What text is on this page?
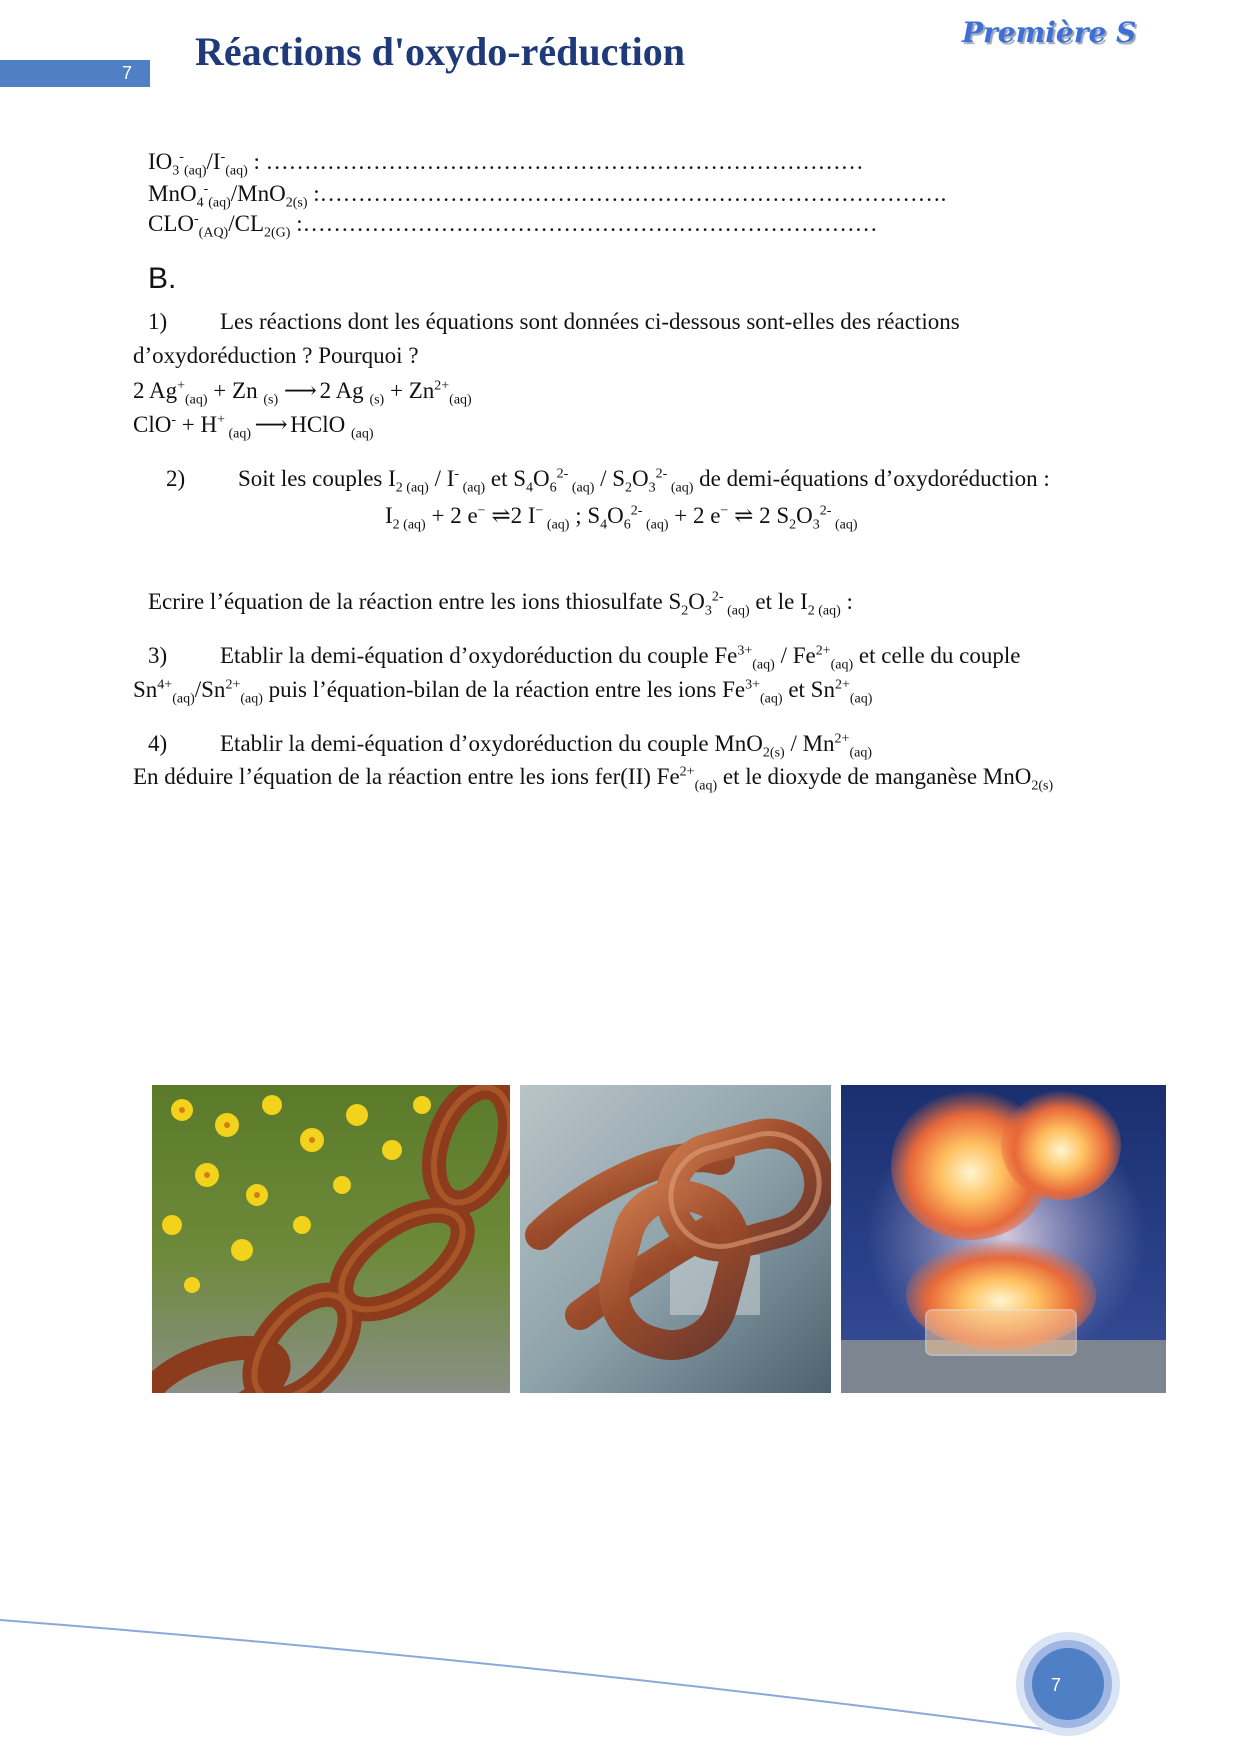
7 Réactions d'oxydo-réduction	Première S
$IO_3^-_{(aq)}/I^-_{(aq)}$ : ……………………………………………………………………
MnO$_4$-$_{(aq)}$/MnO$_{2(s)}$ :……………………………………………………………………….
$CLO^-_{(AQ)}/CL_{2(G)}$ :…………………………………………………………………
B.
1) Les réactions dont les équations sont données ci-dessous sont-elles des réactions
d’oxydoréduction ? Pourquoi ?
2 $Ag^+_{(aq)} + Zn$ $_{(s)}$ ⟶ 2 Ag $_{(s)} + Zn^{2+}_{(aq)}$
ClO- + H+ $_{(aq)}$ ⟶ HClO $_{(aq)}$
2) Soit les couples $I_2$ $_{(aq)}$ / I- $_{(aq)}$ et $S_4O_6^{2-}$ $_{(aq)} / S_2O_3^{2-}$ $_{(aq)}$ de demi-équations d’oxydoréduction :
$I_2$ $_{(aq)}$ + 2 e− ⇌2 I− $_{(aq)}$ ; $S_4O_6^{2-}$ $_{(aq)}$ + 2 e− ⇌ 2 $S_2O_3^{2-}$ $_{(aq)}$
Ecrire l’équation de la réaction entre les ions thiosulfate $S_2O_3^{2-}$ $_{(aq)}$ et le $I_2$ $_{(aq)}$ :
3) Etablir la demi-équation d’oxydoréduction du couple $Fe^{3+}_{(aq)} / Fe^{2+}_{(aq)}$ et celle du couple
$Sn^{4+}_{(aq)}/Sn^{2+}_{(aq)}$ puis l’équation-bilan de la réaction entre les ions $Fe^{3+}_{(aq)}$ et $Sn^{2+}_{(aq)}$
4) Etablir la demi-équation d’oxydoréduction du couple $MnO_{2(s)} / Mn^{2+}_{(aq)}$
En déduire l’équation de la réaction entre les ions fer(II) $Fe^{2+}_{(aq)}$ et le dioxyde de manganèse MnO$_{2(s)}$
7
